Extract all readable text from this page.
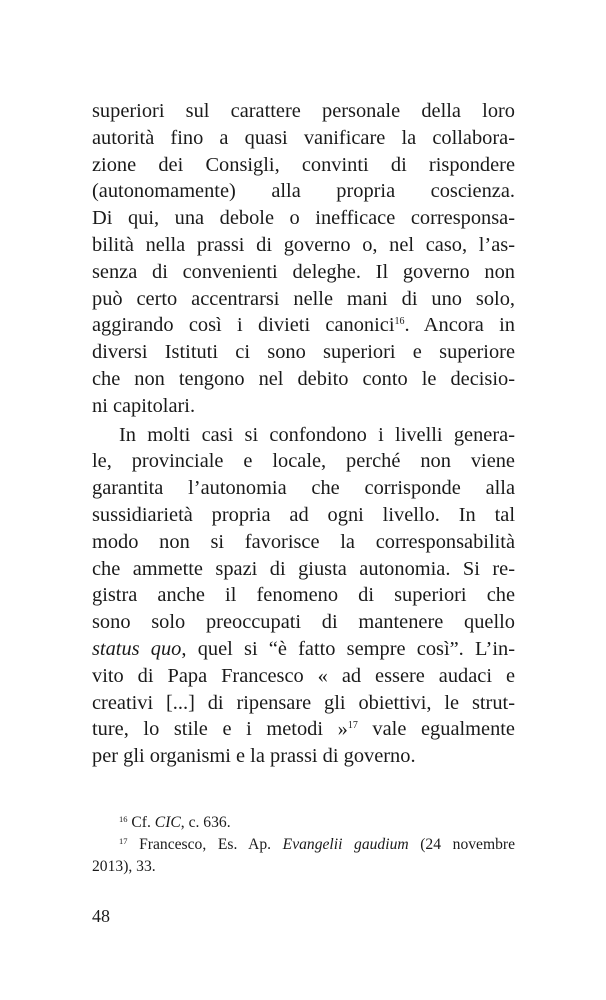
superiori sul carattere personale della loro
autorità fino a quasi vanificare la collabora-
zione dei Consigli, convinti di rispondere
(autonomamente) alla propria coscienza.
Di qui, una debole o inefficace corresponsa-
bilità nella prassi di governo o, nel caso, l’as-
senza di convenienti deleghe. Il governo non
può certo accentrarsi nelle mani di uno solo,
aggirando così i divieti canonici$^{16}$. Ancora in
diversi Istituti ci sono superiori e superiore
che non tengono nel debito conto le decisio-
ni capitolari.
In molti casi si confondono i livelli genera-
le, provinciale e locale, perché non viene
garantita l’autonomia che corrisponde alla
sussidiarietà propria ad ogni livello. In tal
modo non si favorisce la corresponsabilità
che ammette spazi di giusta autonomia. Si re-
gistra anche il fenomeno di superiori che
sono solo preoccupati di mantenere quello
status quo, quel si “è fatto sempre così”. L’in-
vito di Papa Francesco « ad essere audaci e
creativi [...] di ripensare gli obiettivi, le strut-
ture, lo stile e i metodi »$^{17}$ vale egualmente
per gli organismi e la prassi di governo.
$^{16}$ Cf. CIC, c. 636.
$^{17}$ Francesco, Es. Ap. Evangelii gaudium (24 novembre
2013), 33.
48
